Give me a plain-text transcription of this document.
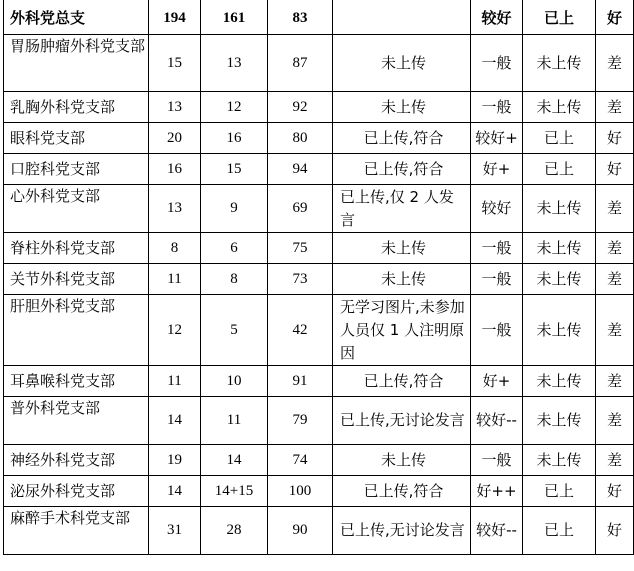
外科党总支	194	161	83		较好	已上	好
胃肠肿瘤外科党支部	15	13	87	未上传	一般	未上传	差
乳胸外科党支部	13	12	92	未上传	一般	未上传	差
眼科党支部	20	16	80	已上传,符合	较好+	已上	好
口腔科党支部	16	15	94	已上传,符合	好+	已上	好
心外科党支部	13	9	69	已上传,仅 2 人发言	较好	未上传	差
脊柱外科党支部	8	6	75	未上传	一般	未上传	差
关节外科党支部	11	8	73	未上传	一般	未上传	差
肝胆外科党支部	12	5	42	无学习图片,未参加人员仅 1 人注明原因	一般	未上传	差
耳鼻喉科党支部	11	10	91	已上传,符合	好+	未上传	差
普外科党支部	14	11	79	已上传,无讨论发言	较好--	未上传	差
神经外科党支部	19	14	74	未上传	一般	未上传	差
泌尿外科党支部	14	14+15	100	已上传,符合	好++	已上	好
麻醉手术科党支部	31	28	90	已上传,无讨论发言	较好--	已上	好
